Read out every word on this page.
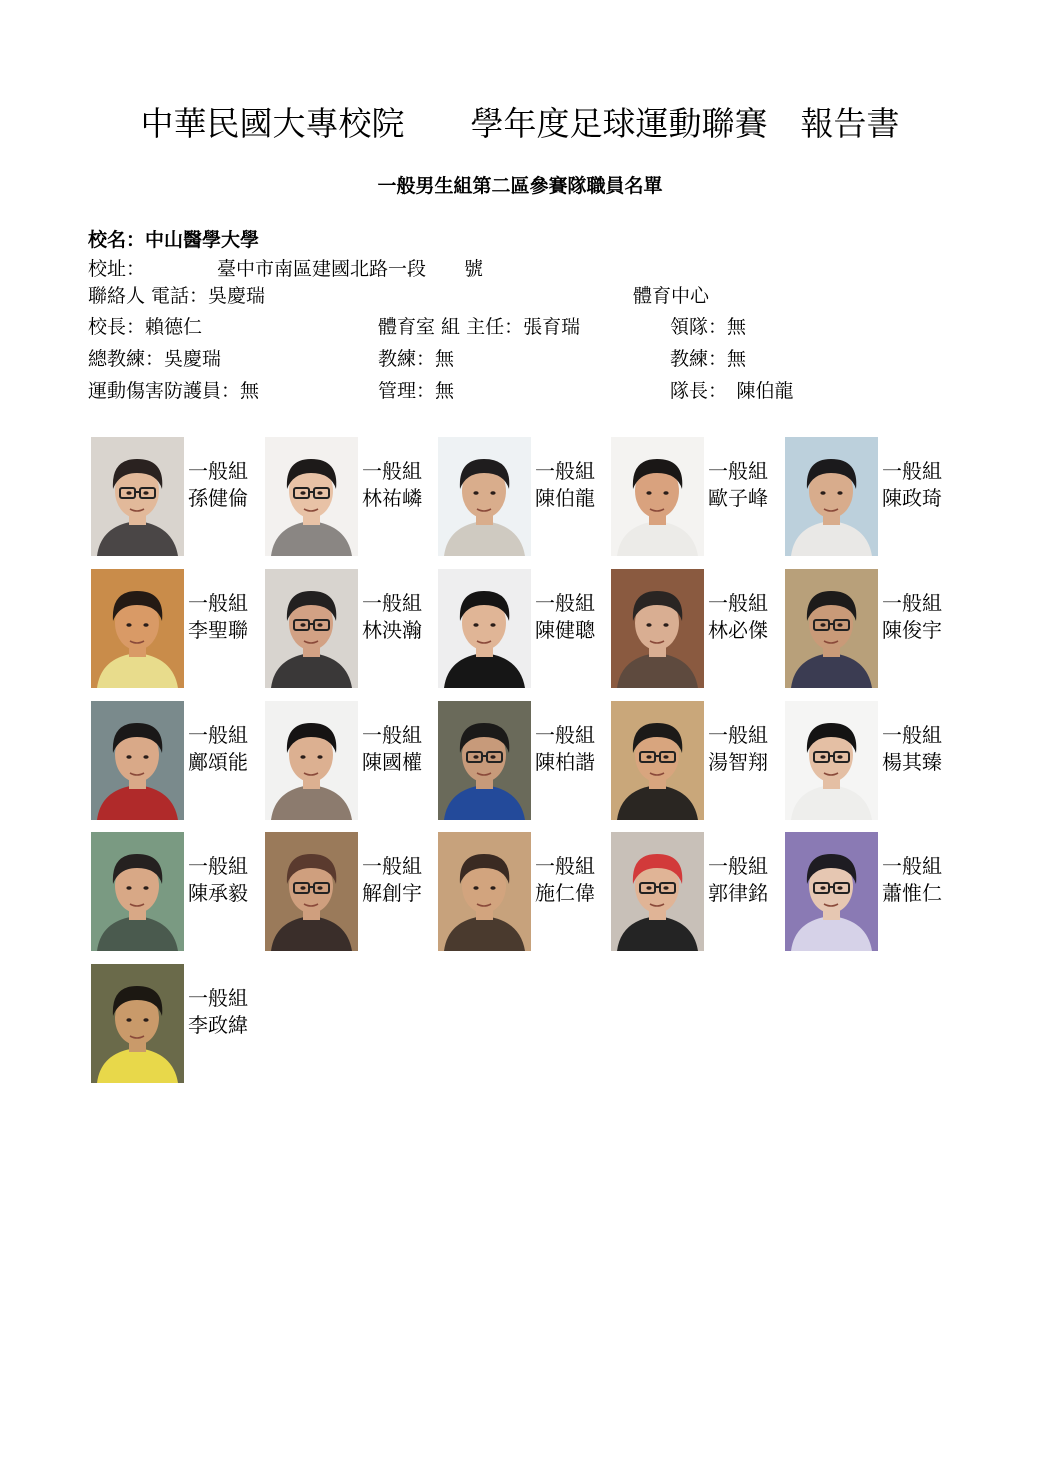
中華民國大專校院　　學年度足球運動聯賽　報告書
一般男生組第二區參賽隊職員名單
校名：中山醫學大學
校址：	臺中市南區建國北路一段　　號
聯絡人 電話：吳慶瑞	體育中心
校長：賴德仁	體育室 組 主任：張育瑞	領隊：無
總教練：吳慶瑞	教練：無	教練：無
運動傷害防護員：無	管理：無	隊長：　陳伯龍
一般組
孫健倫
一般組
林祐嶙
一般組
陳伯龍
一般組
歐子峰
一般組
陳政琦
一般組
李聖聯
一般組
林泱瀚
一般組
陳健聰
一般組
林必傑
一般組
陳俊宇
一般組
鄺頌能
一般組
陳國權
一般組
陳柏諧
一般組
湯智翔
一般組
楊其臻
一般組
陳承毅
一般組
解創宇
一般組
施仁偉
一般組
郭律銘
一般組
蕭惟仁
一般組
李政緯
